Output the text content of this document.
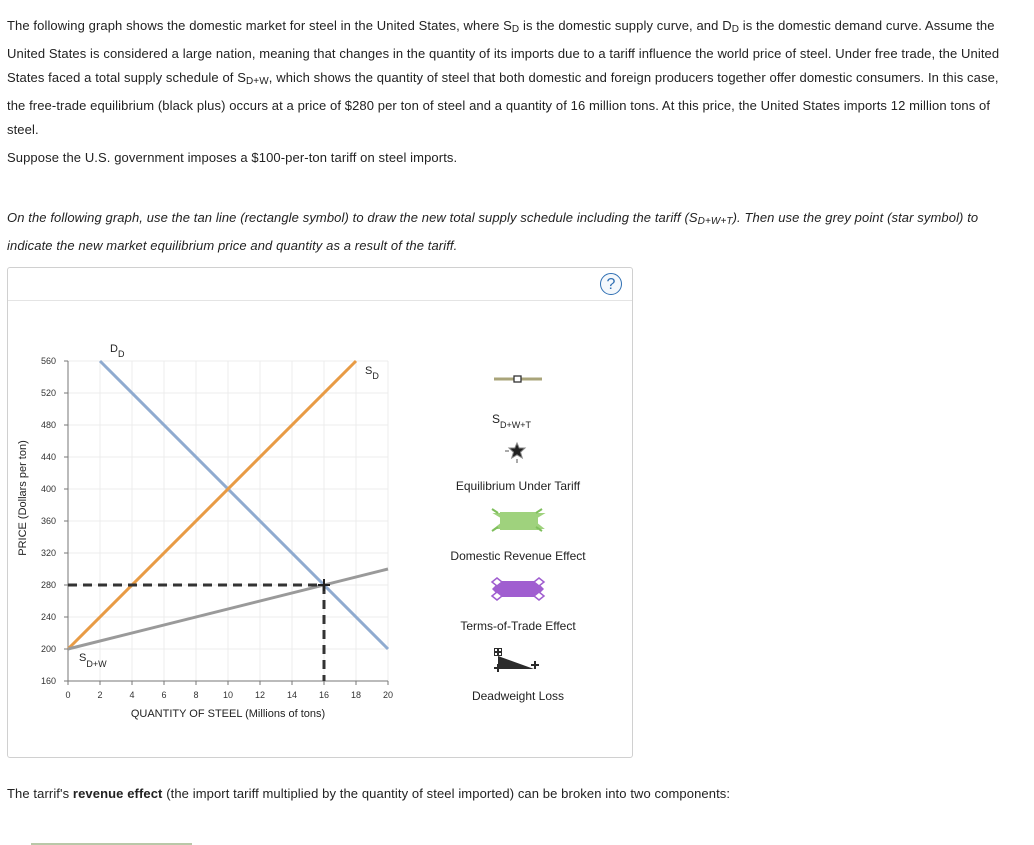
The following graph shows the domestic market for steel in the United States, where $S_D$ is the domestic supply curve, and $D_D$ is the domestic demand curve. Assume the United States is considered a large nation, meaning that changes in the quantity of its imports due to a tariff influence the world price of steel. Under free trade, the United States faced a total supply schedule of $S_{D+W}$, which shows the quantity of steel that both domestic and foreign producers together offer domestic consumers. In this case, the free-trade equilibrium (black plus) occurs at a price of $280 per ton of steel and a quantity of 16 million tons. At this price, the United States imports 12 million tons of steel.
Suppose the U.S. government imposes a $100-per-ton tariff on steel imports.
On the following graph, use the tan line (rectangle symbol) to draw the new total supply schedule including the tariff $(S_{D+W+T})$. Then use the grey point (star symbol) to indicate the new market equilibrium price and quantity as a result of the tariff.
?
0	2	4	6	8	10 12 14 16 18 20
160
200
240
280
320
360
400
440
480
520
560
PRICE (Dollars per ton)
QUANTITY OF STEEL (Millions of tons)
$D_D$
$S_D$
$S_{D+W}$
$S_{D+W+T}$
Equilibrium Under Tariff
Domestic Revenue Effect
Terms-of-Trade Effect
Deadweight Loss
The tarrif's revenue effect (the import tariff multiplied by the quantity of steel imported) can be broken into two components:
